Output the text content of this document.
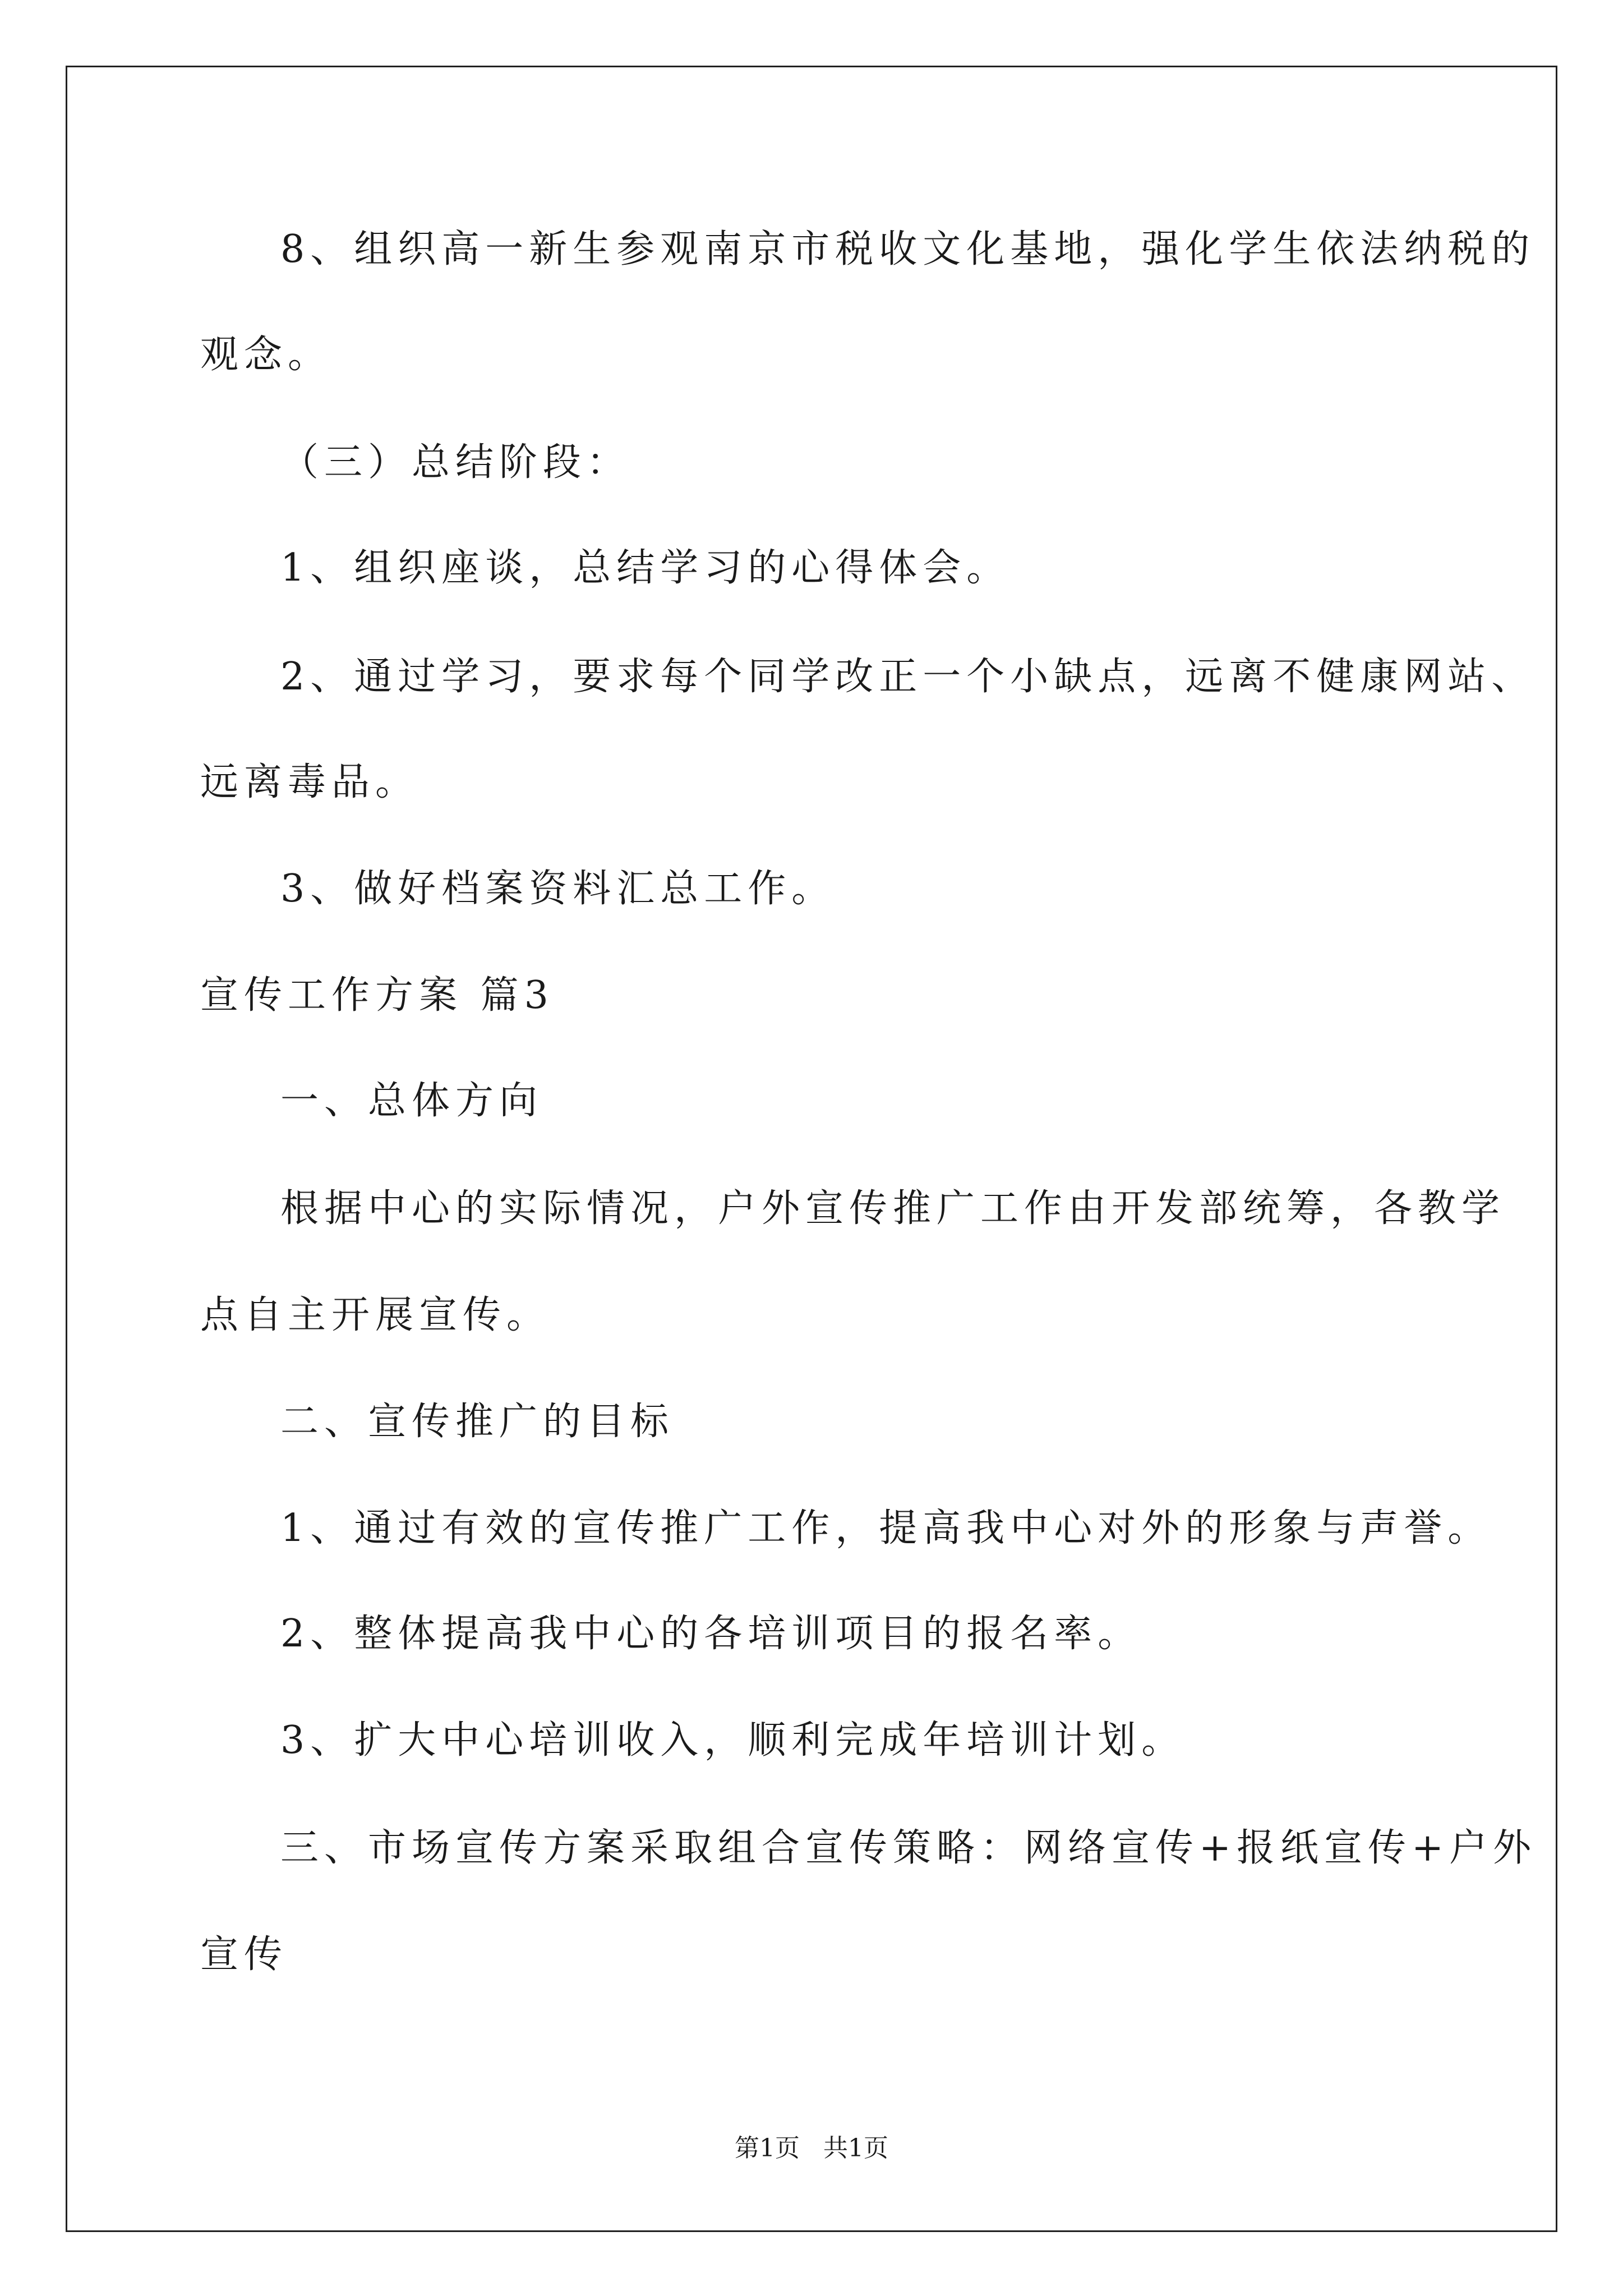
8、组织高一新生参观南京市税收文化基地，强化学生依法纳税的
观念。
（三）总结阶段：
1、组织座谈，总结学习的心得体会。
2、通过学习，要求每个同学改正一个小缺点，远离不健康网站、
远离毒品。
3、做好档案资料汇总工作。
宣传工作方案 篇3
一、总体方向
根据中心的实际情况，户外宣传推广工作由开发部统筹，各教学
点自主开展宣传。
二、宣传推广的目标
1、通过有效的宣传推广工作，提高我中心对外的形象与声誉。
2、整体提高我中心的各培训项目的报名率。
3、扩大中心培训收入，顺利完成年培训计划。
三、市场宣传方案采取组合宣传策略：网络宣传+报纸宣传+户外
宣传
第1页   共1页
